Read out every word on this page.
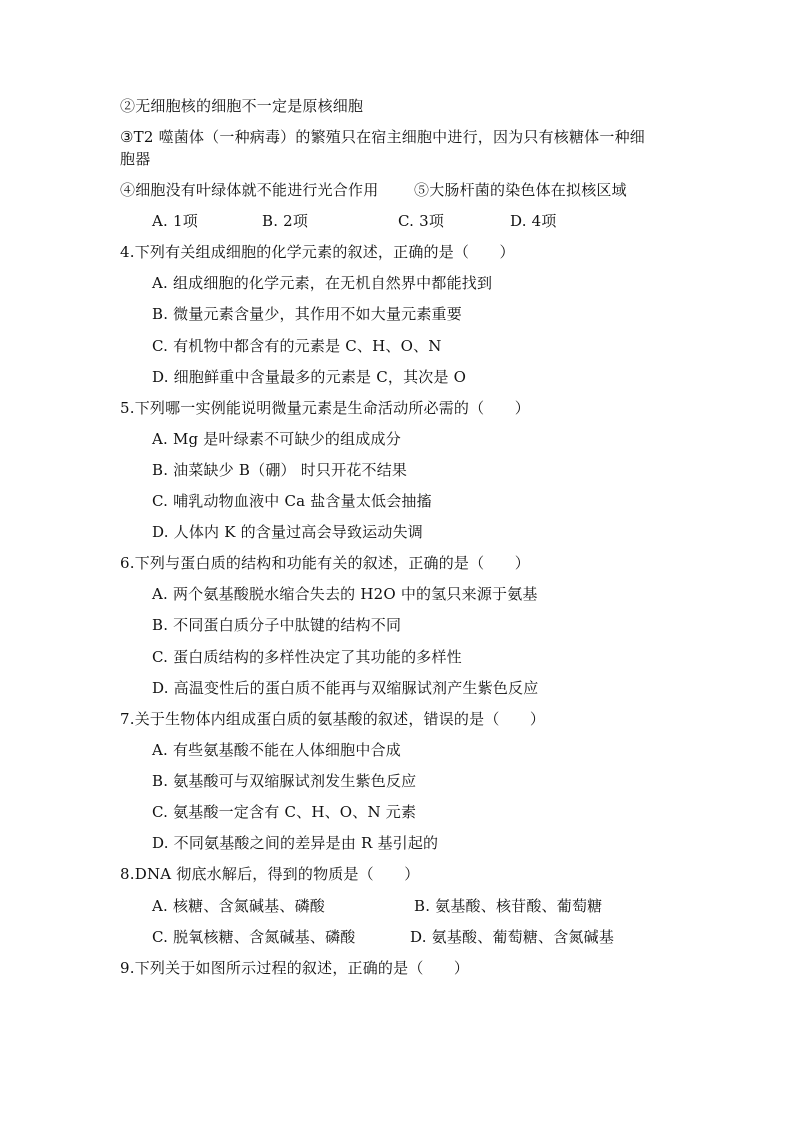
②无细胞核的细胞不一定是原核细胞
③T2 噬菌体（一种病毒）的繁殖只在宿主细胞中进行，因为只有核糖体一种细
胞器
④细胞没有叶绿体就不能进行光合作用 ⑤大肠杆菌的染色体在拟核区域
A. 1项	B. 2项	C. 3项	D. 4项
4.下列有关组成细胞的化学元素的叙述，正确的是（　　）
A. 组成细胞的化学元素，在无机自然界中都能找到
B. 微量元素含量少，其作用不如大量元素重要
C. 有机物中都含有的元素是 C、H、O、N
D. 细胞鲜重中含量最多的元素是 C，其次是 O
5.下列哪一实例能说明微量元素是生命活动所必需的（　　）
A. Mg 是叶绿素不可缺少的组成成分
B. 油菜缺少 B（硼） 时只开花不结果
C. 哺乳动物血液中 Ca 盐含量太低会抽搐
D. 人体内 K 的含量过高会导致运动失调
6.下列与蛋白质的结构和功能有关的叙述，正确的是（　　）
A. 两个氨基酸脱水缩合失去的 H2O 中的氢只来源于氨基
B. 不同蛋白质分子中肽键的结构不同
C. 蛋白质结构的多样性决定了其功能的多样性
D. 高温变性后的蛋白质不能再与双缩脲试剂产生紫色反应
7.关于生物体内组成蛋白质的氨基酸的叙述，错误的是（　　）
A. 有些氨基酸不能在人体细胞中合成
B. 氨基酸可与双缩脲试剂发生紫色反应
C. 氨基酸一定含有 C、H、O、N 元素
D. 不同氨基酸之间的差异是由 R 基引起的
8.DNA 彻底水解后，得到的物质是（　　）
A. 核糖、含氮碱基、磷酸	B. 氨基酸、核苷酸、葡萄糖
C. 脱氧核糖、含氮碱基、磷酸	D. 氨基酸、葡萄糖、含氮碱基
9.下列关于如图所示过程的叙述，正确的是（　　）
